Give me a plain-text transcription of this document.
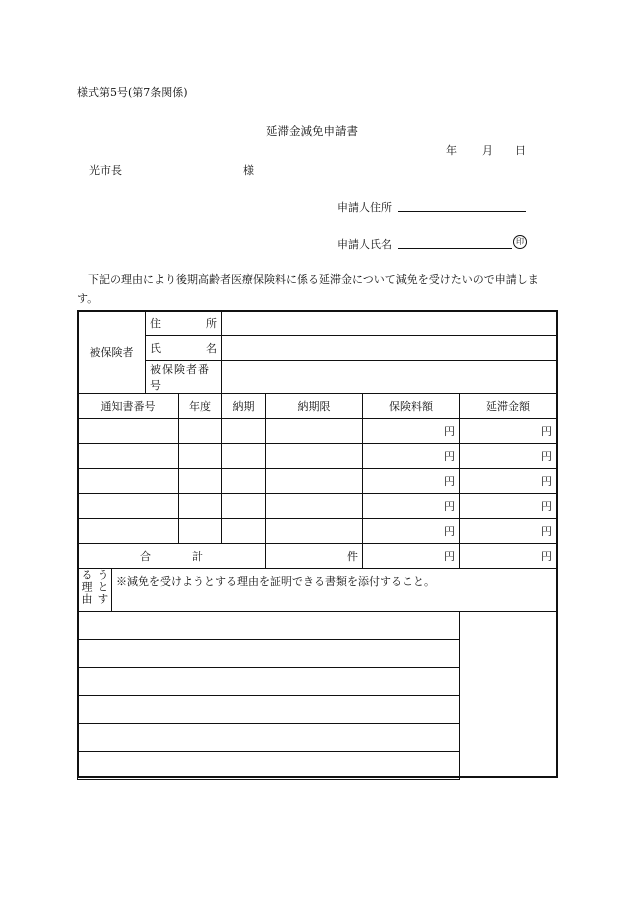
様式第5号(第7条関係)
延滞金減免申請書
年 月 日
光市長	様
申請人住所
申請人氏名	印
下記の理由により後期高齢者医療保険料に係る延滞金について減免を受けたいので申請します。
被保険者		住 所					

		氏 名					

		被保険者番号					
通知書番号			年度	納期	納期限	保険料額	延滞金額
						円	円
						円	円
						円	円
						円	円
						円	円

合 計					件	円	円

うとする理由	※減免を受けようとする理由を証明できる書類を添付すること。						
